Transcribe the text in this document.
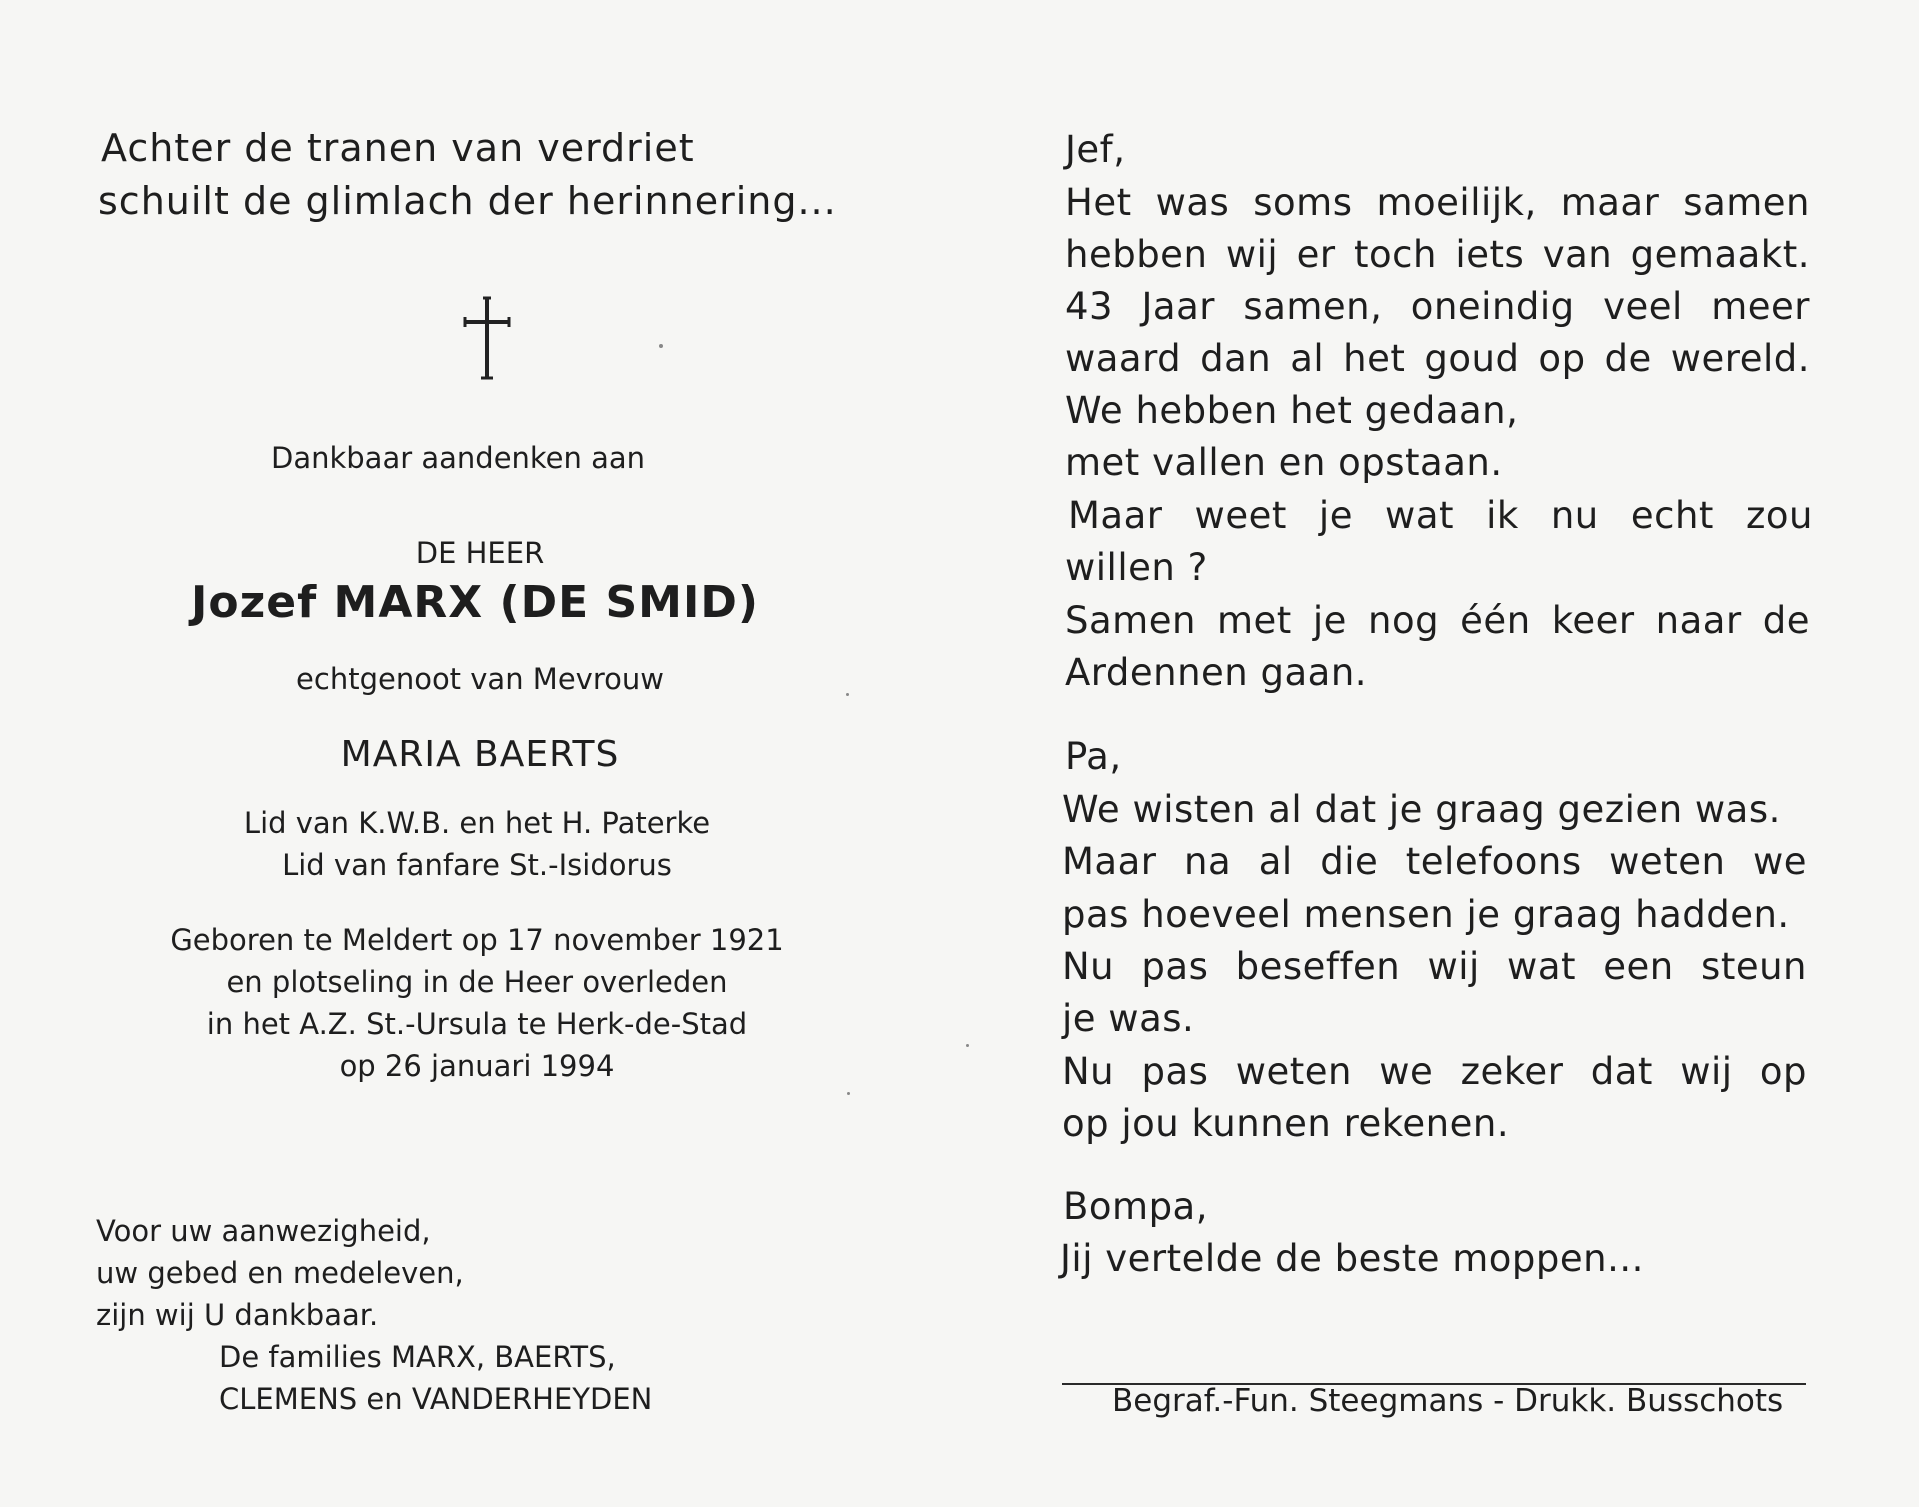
Achter de tranen van verdriet
schuilt de glimlach der herinnering...
Dankbaar aandenken aan
DE HEER
Jozef MARX (DE SMID)
echtgenoot van Mevrouw
MARIA BAERTS
Lid van K.W.B. en het H. Paterke
Lid van fanfare St.-Isidorus
Geboren te Meldert op 17 november 1921
en plotseling in de Heer overleden
in het A.Z. St.-Ursula te Herk-de-Stad
op 26 januari 1994
Voor uw aanwezigheid,
uw gebed en medeleven,
zijn wij U dankbaar.
De families MARX, BAERTS,
CLEMENS en VANDERHEYDEN
Jef,
Het was soms moeilijk, maar samen
hebben wij er toch iets van gemaakt.
43 Jaar samen, oneindig veel meer
waard dan al het goud op de wereld.
We hebben het gedaan,
met vallen en opstaan.
Maar weet je wat ik nu echt zou
willen ?
Samen met je nog één keer naar de
Ardennen gaan.
Pa,
We wisten al dat je graag gezien was.
Maar na al die telefoons weten we
pas hoeveel mensen je graag hadden.
Nu pas beseffen wij wat een steun
je was.
Nu pas weten we zeker dat wij op
op jou kunnen rekenen.
Bompa,
Jij vertelde de beste moppen...
Begraf.-Fun. Steegmans - Drukk. Busschots
